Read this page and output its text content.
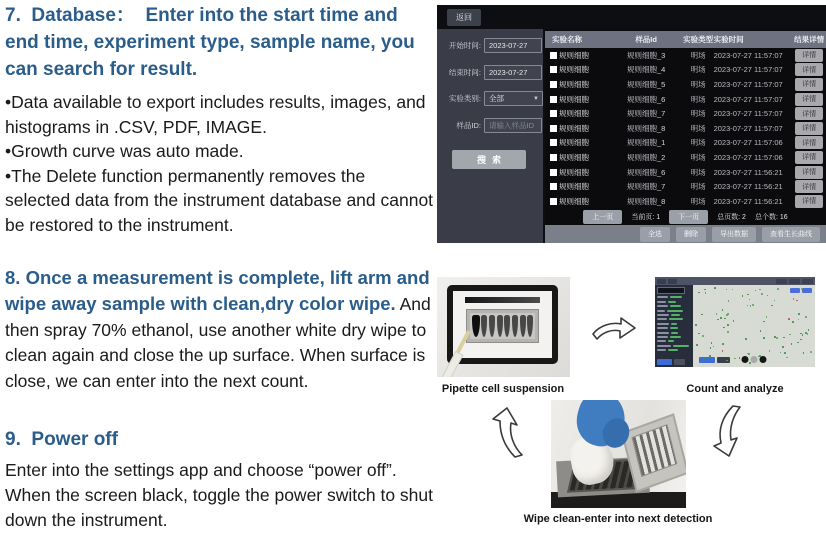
7.  Database：  Enter into the start time and end time, experiment type, sample name, you can search for result.

• Data available to export includes results, images, and histograms in .CSV, PDF, IMAGE.
• Growth curve was auto made.
• The Delete function permanently removes the selected data from the instrument database and cannot be restored to the instrument.

8. Once a measurement is complete, lift arm and wipe away sample with clean,dry color wipe. And then spray 70% ethanol, use another white dry wipe to clean again and close the up surface. When surface is close, we can enter into the next count.

9.  Power off

Enter into the settings app and choose “power off”. When the screen black, toggle the power switch to shut down the instrument.

返回
开始时间: 2023-07-27
结束时间: 2023-07-27
实验类别: 全部	▼
样品ID: 请输入样品ID
搜索
实验名称	样品Id	实验类型 实验时间	结果详情
规则细胞	规则细胞_3	明场	2023-07-27 11:57:07	详情
规则细胞	规则细胞_4	明场	2023-07-27 11:57:07	详情
规则细胞	规则细胞_5	明场	2023-07-27 11:57:07	详情
规则细胞	规则细胞_6	明场	2023-07-27 11:57:07	详情
规则细胞	规则细胞_7	明场	2023-07-27 11:57:07	详情
规则细胞	规则细胞_8	明场	2023-07-27 11:57:07	详情
规则细胞	规则细胞_1	明场	2023-07-27 11:57:06	详情
规则细胞	规则细胞_2	明场	2023-07-27 11:57:06	详情
规则细胞	规则细胞_6	明场	2023-07-27 11:56:21	详情
规则细胞	规则细胞_7	明场	2023-07-27 11:56:21	详情
规则细胞	规则细胞_8	明场	2023-07-27 11:56:21	详情
上一页	当前页: 1	下一页	总页数: 2 总个数: 16
全选	删除	导出数据	查看生长曲线
Pipette cell suspension	Count and analyze
Wipe clean-enter into next detection
